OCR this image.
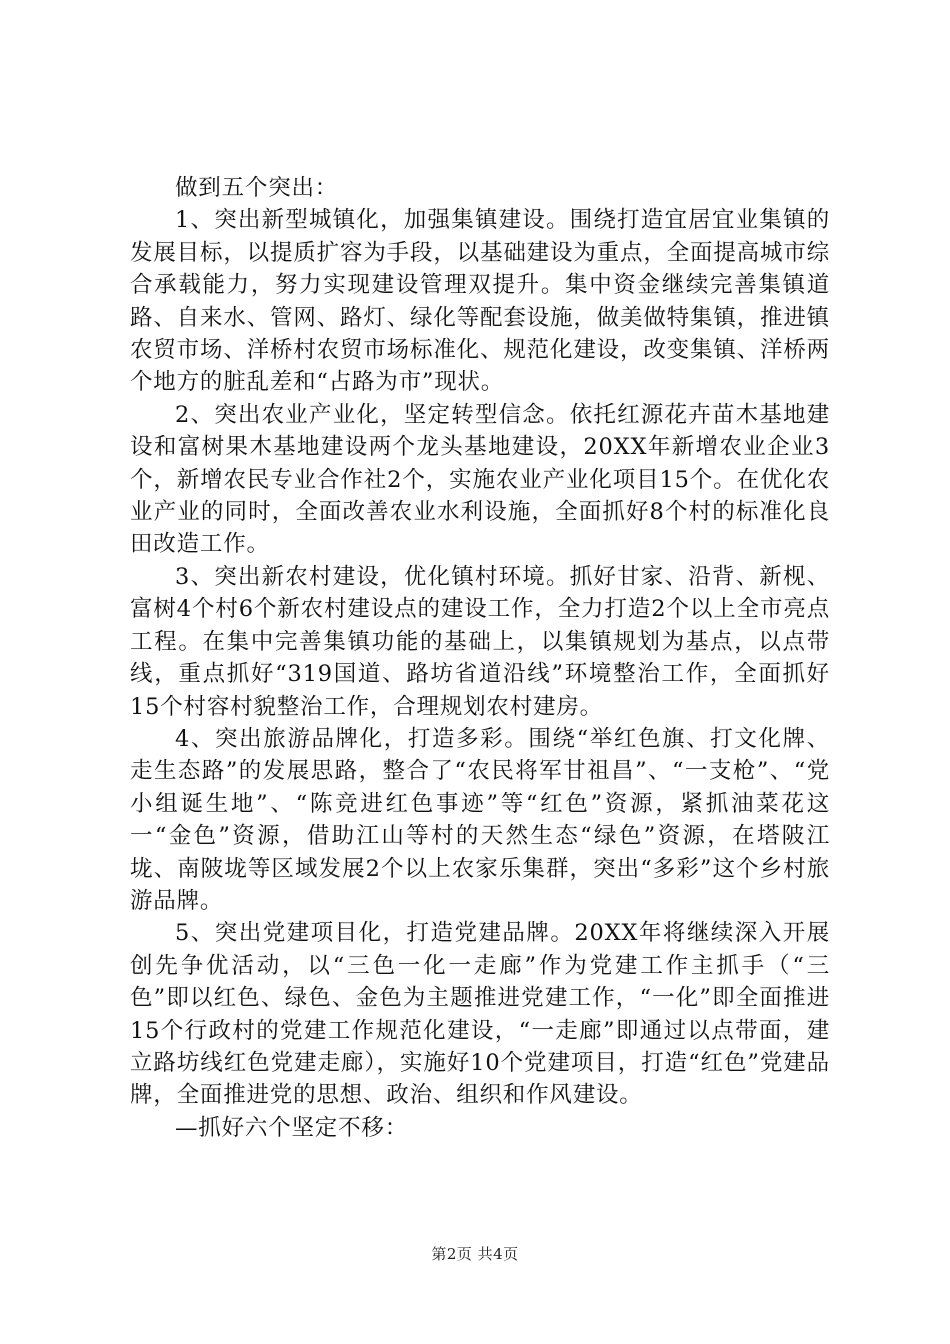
做到五个突出：

1、突出新型城镇化，加强集镇建设。围绕打造宜居宜业集镇的发展目标，以提质扩容为手段，以基础建设为重点，全面提高城市综合承载能力，努力实现建设管理双提升。集中资金继续完善集镇道路、自来水、管网、路灯、绿化等配套设施，做美做特集镇，推进镇农贸市场、洋桥村农贸市场标准化、规范化建设，改变集镇、洋桥两个地方的脏乱差和“占路为市”现状。

2、突出农业产业化，坚定转型信念。依托红源花卉苗木基地建设和富树果木基地建设两个龙头基地建设，20XX年新增农业企业3个，新增农民专业合作社2个，实施农业产业化项目15个。在优化农业产业的同时，全面改善农业水利设施，全面抓好8个村的标准化良田改造工作。

3、突出新农村建设，优化镇村环境。抓好甘家、沿背、新枧、富树4个村6个新农村建设点的建设工作，全力打造2个以上全市亮点工程。在集中完善集镇功能的基础上，以集镇规划为基点，以点带线，重点抓好“319国道、路坊省道沿线”环境整治工作，全面抓好15个村容村貌整治工作，合理规划农村建房。

4、突出旅游品牌化，打造多彩。围绕“举红色旗、打文化牌、走生态路”的发展思路，整合了“农民将军甘祖昌”、“一支枪”、“党小组诞生地”、“陈竞进红色事迹”等“红色”资源，紧抓油菜花这一“金色”资源，借助江山等村的天然生态“绿色”资源，在塔陂江垅、南陂垅等区域发展2个以上农家乐集群，突出“多彩”这个乡村旅游品牌。

5、突出党建项目化，打造党建品牌。20XX年将继续深入开展创先争优活动，以“三色一化一走廊”作为党建工作主抓手（“三色”即以红色、绿色、金色为主题推进党建工作，“一化”即全面推进15个行政村的党建工作规范化建设，“一走廊”即通过以点带面，建立路坊线红色党建走廊），实施好10个党建项目，打造“红色”党建品牌，全面推进党的思想、政治、组织和作风建设。

—抓好六个坚定不移：

第2页 共4页
